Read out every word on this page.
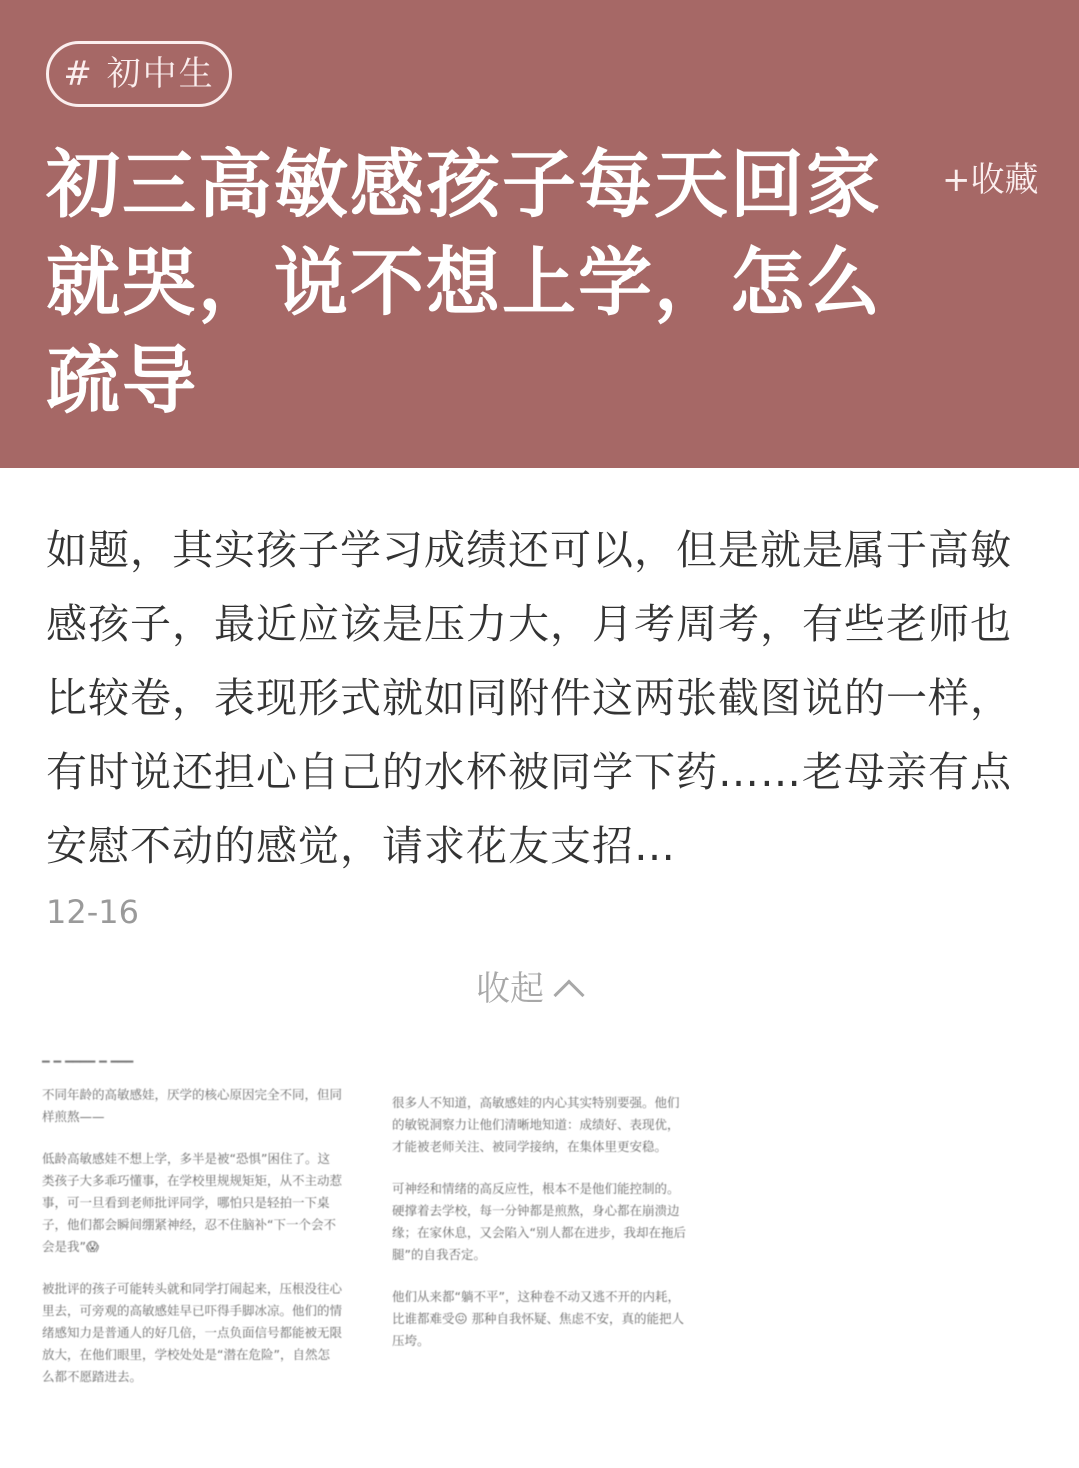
# 初中生
初三高敏感孩子每天回家就哭，说不想上学，怎么疏导
+收藏
如题，其实孩子学习成绩还可以，但是就是属于高敏感孩子，最近应该是压力大，月考周考，有些老师也比较卷，表现形式就如同附件这两张截图说的一样，有时说还担心自己的水杯被同学下药……老母亲有点安慰不动的感觉，请求花友支招…
12-16
收起
━ ━ ━━━━ ━ ━━━

不同年龄的高敏感娃，厌学的核心原因完全不同，但同样煎熬——

低龄高敏感娃不想上学，多半是被“恐惧”困住了。这类孩子大多乖巧懂事，在学校里规规矩矩，从不主动惹事，可一旦看到老师批评同学，哪怕只是轻拍一下桌子，他们都会瞬间绷紧神经，忍不住脑补“下一个会不会是我”😱

被批评的孩子可能转头就和同学打闹起来，压根没往心里去，可旁观的高敏感娃早已吓得手脚冰凉。他们的情绪感知力是普通人的好几倍，一点负面信号都能被无限放大，在他们眼里，学校处处是“潜在危险”，自然怎么都不愿踏进去。

很多人不知道，高敏感娃的内心其实特别要强。他们的敏锐洞察力让他们清晰地知道：成绩好、表现优，才能被老师关注、被同学接纳，在集体里更安稳。

可神经和情绪的高反应性，根本不是他们能控制的。硬撑着去学校，每一分钟都是煎熬，身心都在崩溃边缘；在家休息，又会陷入“别人都在进步，我却在拖后腿”的自我否定。

他们从来都“躺不平”，这种卷不动又逃不开的内耗，比谁都难受😖 那种自我怀疑、焦虑不安，真的能把人压垮。
